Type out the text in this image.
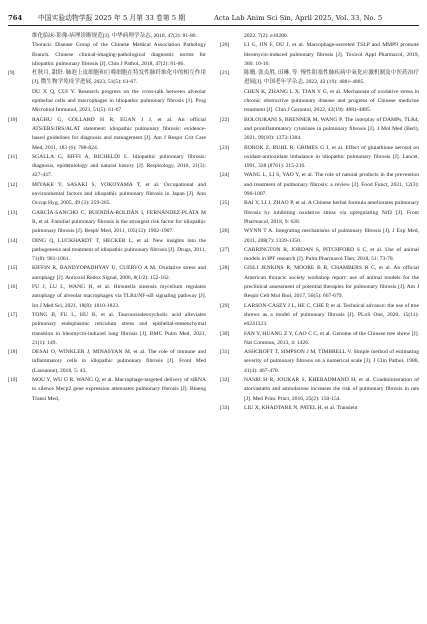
764	中国实验动物学报 2025 年 5 月第 33 卷第 5 期	Acta Lab Anim Sci Sin, April 2025, Vol. 33, No. 5
维化临床-影像-病理诊断规范[J]. 中华病理学杂志, 2018, 47(2): 81-86.
Thoracic Disease Group of the Chinese Medical Association Pathology Branch. Chinese clinical-imaging-pathological diagnostic norms for idiopathic pulmonary fibrosis [J]. Chin J Pathol, 2018, 47(2): 81-86.
[9]	杜秋月, 甜舒. 肺泡上皮细胞和巨噬细胞在特发性肺纤维化中的相互作用[J]. 微生物学免疫学进展, 2023, 51(5): 61-67.
DU X Q, CUI Y. Research progress on the cross-talk between alveolar epithelial cells and macrophages in idiopathic pulmonary fibrosis [J]. Prog Microbiol Immunol, 2023, 51(5): 61-67.
[10]	RAGHU G, COLLARD H R, EGAN J J, et al. An official ATS/ERS/JRS/ALAT statement: idiopathic pulmonary fibrosis: evidence-based guidelines for diagnosis and management [J]. Am J Respir Crit Care Med, 2011, 183 (6): 788-824.
[11]	SGALLA G, BIFFI A, RICHELDI L. Idiopathic pulmonary fibrosis: diagnosis, epidemiology and natural history [J]. Respirology, 2016, 21(3): 427-437.
[12]	MIYAKE Y, SASAKI S, YOKOYAMA T, et al. Occupational and environmental factors and idiopathic pulmonary fibrosis in Japan [J]. Ann Occup Hyg, 2005, 49 (3): 259-265.
[13]	GARCÍA-SANCHO C, BUENDÍA-ROLDÁN I, FERNÁNDEZ-PLATA M R, et al. Familial pulmonary fibrosis is the strongest risk factor for idiopathic pulmonary fibrosis [J]. Respir Med, 2011, 105(12): 1902-1907.
[14]	DING Q, LUCKHARDT T, HECKER L, et al. New insights into the pathogenesis and treatment of idiopathic pulmonary fibrosis [J]. Drugs, 2011, 71(8): 981-1001.
[15]	KIFFIN R, BANDYOPADHYAY U, CUERVO A M. Oxidative stress and autophagy [J]. Antioxid Redox Signal, 2006, 8(1/2): 152-162.
[16]	FU J, LU L, WANG H, et al. Hirsutella sinensis mycelium regulates autophagy of alveolar macrophages via TLR4/NF-κB signaling pathway [J]. Int J Med Sci, 2021, 18(8): 1810-1823.
[17]	TONG B, FU L, HU B, et al. Tauroursodeoxycholic acid alleviates pulmonary endoplasmic reticulum stress and epithelial-mesenchymal transition in bleomycin-induced lung fibrosis [J]. BMC Pulm Med, 2021, 21(1): 149.
[18]	DESAI O, WINKLER J, MINASYAN M, et al. The role of immune and inflammatory cells in idiopathic pulmonary fibrosis [J]. Front Med (Lausanne), 2018, 5: 43.
[19]	MOU Y, WU G R, WANG Q, et al. Macrophage-targeted delivery of siRNA to silence Mecp2 gene expression attenuates pulmonary fibrosis [J]. Bioeng Transl Med,
2022, 7(2): e10280.
[20]	LI G, JIN F, DU J, et al. Macrophage-secreted TSLP and MMP9 promote bleomycin-induced pulmonary fibrosis [J]. Toxicol Appl Pharmacol, 2019, 366: 10-16.
[21]	陈珊, 张贞胜, 田琳, 等. 慢性阻塞性肺疾病中氧化应激机制及中医药治疗进展[J]. 中国老年学杂志, 2022, 42 (19): 4881-4885.
CHEN K, ZHANG L X, TIAN Y G, et al. Mechanism of oxidative stress in chronic obstructive pulmonary disease and progress of Chinese medicine treatment [J]. Chin J Gerontol, 2022, 42(19): 4881-4885.
[22]	BOLOURANI S, BRENNER M, WANG P. The interplay of DAMPs, TLR4, and proinflammatory cytokines in pulmonary fibrosis [J]. J Mol Med (Berl), 2021, 99(10): 1373-1384.
[23]	BOROK Z, BUHL R, GRIMES G J, et al. Effect of glutathione aerosol on oxidant-antioxidant imbalance in idiopathic pulmonary fibrosis [J]. Lancet, 1991, 338 (8761): 215-216.
[24]	WANG L, LI S, YAO Y, et al. The role of natural products in the prevention and treatment of pulmonary fibrosis: a review [J]. Food Funct, 2021, 12(3): 990-1007.
[25]	BAI Y, LI J, ZHAO P, et al. A Chinese herbal formula ameliorates pulmonary fibrosis by inhibiting oxidative stress via upregulating Nrf2 [J]. Front Pharmacol, 2018, 9: 628.
[26]	WYNN T A. Integrating mechanisms of pulmonary fibrosis [J]. J Exp Med, 2011, 208(7): 1339-1350.
[27]	CARRINGTON R, JORDAN S, PITCHFORD S C, et al. Use of animal models in IPF research [J]. Pulm Pharmacol Ther, 2018, 51: 73-78.
[28]	GISLI JENKINS R, MOORE B B, CHAMBERS R C, et al. An official American thoracic society workshop report: use of animal models for the preclinical assessment of potential therapies for pulmonary fibrosis [J]. Am J Respir Cell Mol Biol, 2017, 56(5): 667-679.
[29]	LARSON-CASEY J L, HE C, CHE P, et al. Technical advance: the use of tree shrews as a model of pulmonary fibrosis [J]. PLoS One, 2020, 15(11): e0241323.
[30]	FAN Y, HUANG Z Y, CAO C C, et al. Genome of the Chinese tree shrew [J]. Nat Commun, 2013, 4: 1426.
[31]	ASHCROFT T, SIMPSON J M, TIMBRELL V. Simple method of estimating severity of pulmonary fibrosis on a numerical scale [J]. J Clin Pathol, 1988, 41(4): 467-470.
[32]	NASRI H R, JOUKAR S, KHERADMAND H, et al. Coadministration of atorvastatin and amiodarone increases the risk of pulmonary fibrosis in rats [J]. Med Princ Pract, 2016, 25(2): 150-154.
[33]	LIU X, KHADTARE N, PATEL H, et al. Transient
